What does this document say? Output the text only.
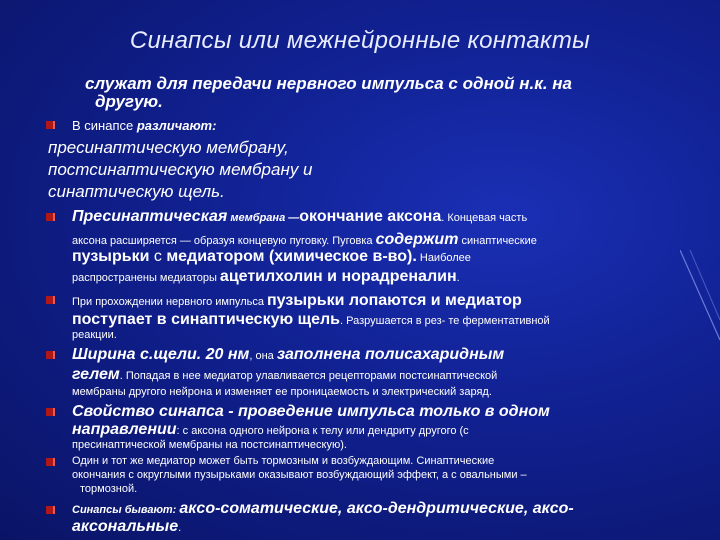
Синапсы или межнейронные контакты
служат для передачи нервного импульса с одной н.к. на
другую.
В синапсе различают:
пресинаптическую мембрану,
постсинаптическую мембрану и
синаптическую щель.
Пресинаптическая мембрана —окончание аксона. Концевая часть
аксона расширяется — образуя концевую пуговку. Пуговка содержит синаптические
пузырьки с медиатором (химическое в-во). Наиболее
распространены медиаторы ацетилхолин и норадреналин.
При прохождении нервного импульса пузырьки лопаются и медиатор
поступает в синаптическую щель. Разрушается в рез- те ферментативной
реакции.
Ширина с.щели. 20 нм, она заполнена полисахаридным
гелем. Попадая в нее медиатор улавливается рецепторами постсинаптической
мембраны другого нейрона и изменяет ее проницаемость и электрический заряд.
Свойство синапса - проведение импульса только в одном
направлении: с аксона одного нейрона к телу или дендриту другого (с
пресинаптической мембраны на постсинаптическую).
Один и тот же медиатор может быть тормозным и возбуждающим. Синаптические
окончания с округлыми пузырьками оказывают возбуждающий эффект, а с овальными –
тормозной.
Синапсы бывают: аксо-соматические, аксо-дендритические, аксо-
аксональные.
